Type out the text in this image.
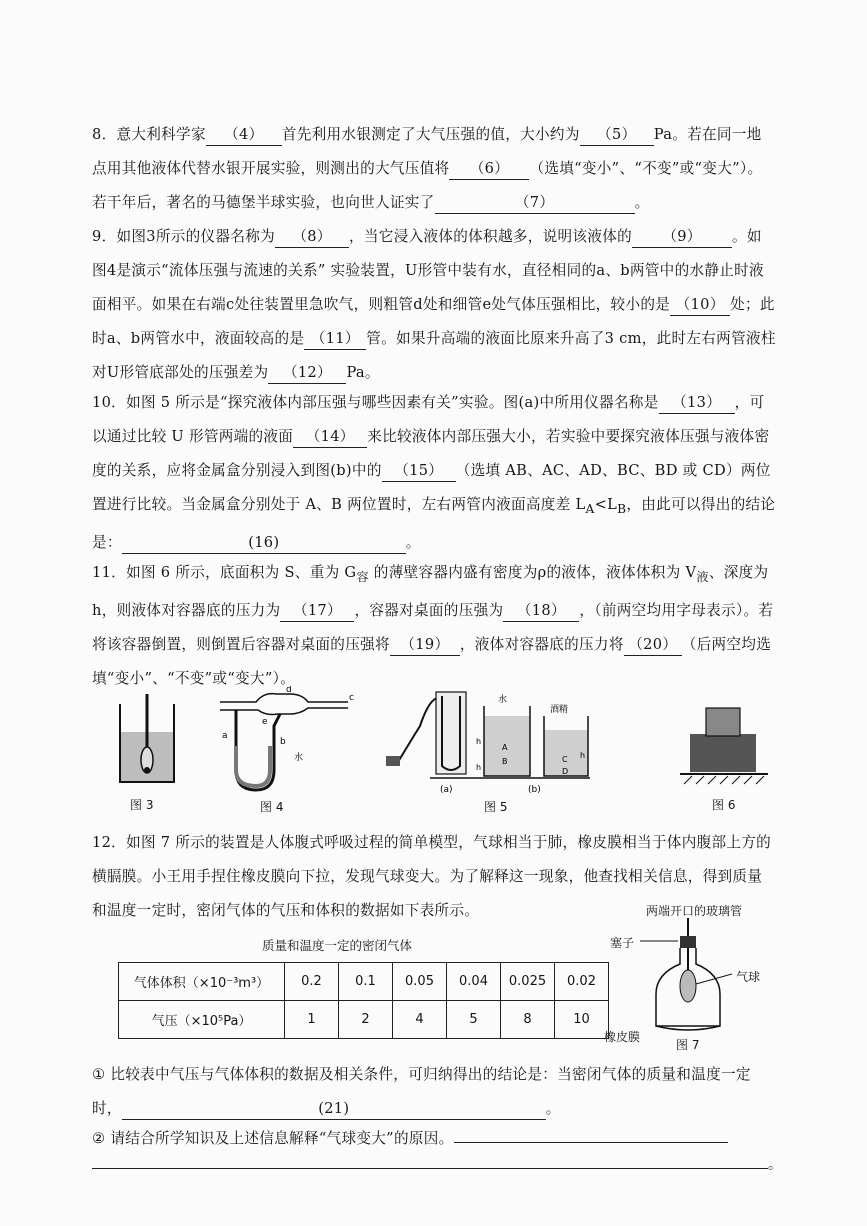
8．意大利科学家 （4） 首先利用水银测定了大气压强的值，大小约为 （5） Pa。若在同一地点用其他液体代替水银开展实验，则测出的大气压值将 （6） （选填“变小”、“不变”或“变大”）。若干年后，著名的马德堡半球实验，也向世人证实了	（7）	。
9．如图3所示的仪器名称为 （8） ，当它浸入液体的体积越多，说明该液体的 （9） 。如图4是演示“流体压强与流速的关系” 实验装置，U形管中装有水，直径相同的a、b两管中的水静止时液面相平。如果在右端c处往装置里急吹气，则粗管d处和细管e处气体压强相比，较小的是 （10） 处；此时a、b两管水中，液面较高的是 （11） 管。如果升高端的液面比原来升高了3 cm，此时左右两管液柱对U形管底部处的压强差为 （12） Pa。
10．如图 5 所示是“探究液体内部压强与哪些因素有关”实验。图(a)中所用仪器名称是 （13） ，可以通过比较 U 形管两端的液面 （14） 来比较液体内部压强大小，若实验中要探究液体压强与液体密度的关系，应将金属盒分别浸入到图(b)中的 （15） （选填 AB、AC、AD、BC、BD 或 CD）两位置进行比较。当金属盒分别处于 A、B 两位置时，左右两管内液面高度差 $L_A<L_B$，由此可以得出的结论是：	(16)	。
11．如图 6 所示，底面积为 S、重为 $G_容$ 的薄壁容器内盛有密度为ρ的液体，液体体积为 $V_液$、深度为 h，则液体对容器底的压力为 （17） ，容器对桌面的压强为 （18） ，（前两空均用字母表示）。若将该容器倒置，则倒置后容器对桌面的压强将 （19） ，液体对容器底的压力将 （20） （后两空均选填“变小”、“不变”或“变大”）。
图 3
a
b
c
d
e
水
图 4
水
酒精
h
h
A
B	C
D
h
(a)	(b)
图 5	图 6
12．如图 7 所示的装置是人体腹式呼吸过程的简单模型，气球相当于肺，橡皮膜相当于体内腹部上方的横膈膜。小王用手捏住橡皮膜向下拉，发现气球变大。为了解释这一现象，他查找相关信息，得到质量和温度一定时，密闭气体的气压和体积的数据如下表所示。	两端开口的玻璃管
塞子
气球
橡皮膜
图 7
质量和温度一定的密闭气体
气体体积（×10⁻³m³）	0.2	0.1	0.05	0.04	0.025	0.02
气压（×10⁵Pa）	1	2	4	5	8	10
① 比较表中气压与气体体积的数据及相关条件，可归纳得出的结论是：当密闭气体的质量和温度一定时，	(21)	。
② 请结合所学知识及上述信息解释“气球变大”的原因。
。
